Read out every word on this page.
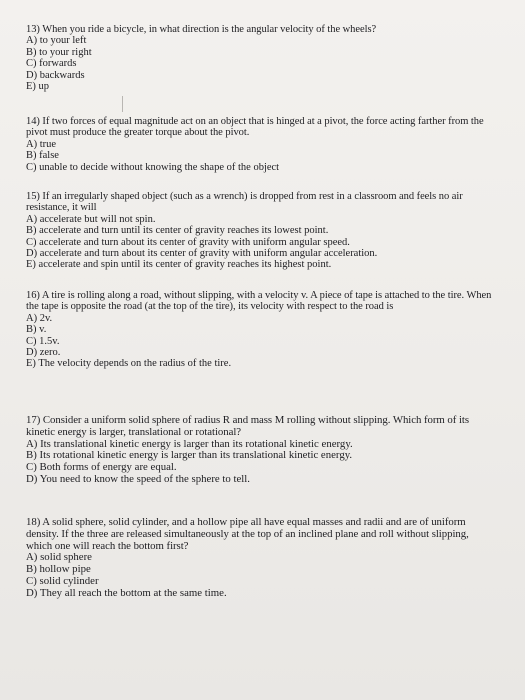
13) When you ride a bicycle, in what direction is the angular velocity of the wheels?

A) to your left
B) to your right
C) forwards
D) backwards
E) up

14) If two forces of equal magnitude act on an object that is hinged at a pivot, the force acting farther from the pivot must produce the greater torque about the pivot.

A) true
B) false
C) unable to decide without knowing the shape of the object

15) If an irregularly shaped object (such as a wrench) is dropped from rest in a classroom and feels no air resistance, it will

A) accelerate but will not spin.
B) accelerate and turn until its center of gravity reaches its lowest point.
C) accelerate and turn about its center of gravity with uniform angular speed.
D) accelerate and turn about its center of gravity with uniform angular acceleration.
E) accelerate and spin until its center of gravity reaches its highest point.

16) A tire is rolling along a road, without slipping, with a velocity v. A piece of tape is attached to the tire. When the tape is opposite the road (at the top of the tire), its velocity with respect to the road is

A) 2v.
B) v.
C) 1.5v.
D) zero.
E) The velocity depends on the radius of the tire.

17) Consider a uniform solid sphere of radius R and mass M rolling without slipping. Which form of its kinetic energy is larger, translational or rotational?

A) Its translational kinetic energy is larger than its rotational kinetic energy.
B) Its rotational kinetic energy is larger than its translational kinetic energy.
C) Both forms of energy are equal.
D) You need to know the speed of the sphere to tell.

18) A solid sphere, solid cylinder, and a hollow pipe all have equal masses and radii and are of uniform density. If the three are released simultaneously at the top of an inclined plane and roll without slipping, which one will reach the bottom first?

A) solid sphere
B) hollow pipe
C) solid cylinder
D) They all reach the bottom at the same time.
